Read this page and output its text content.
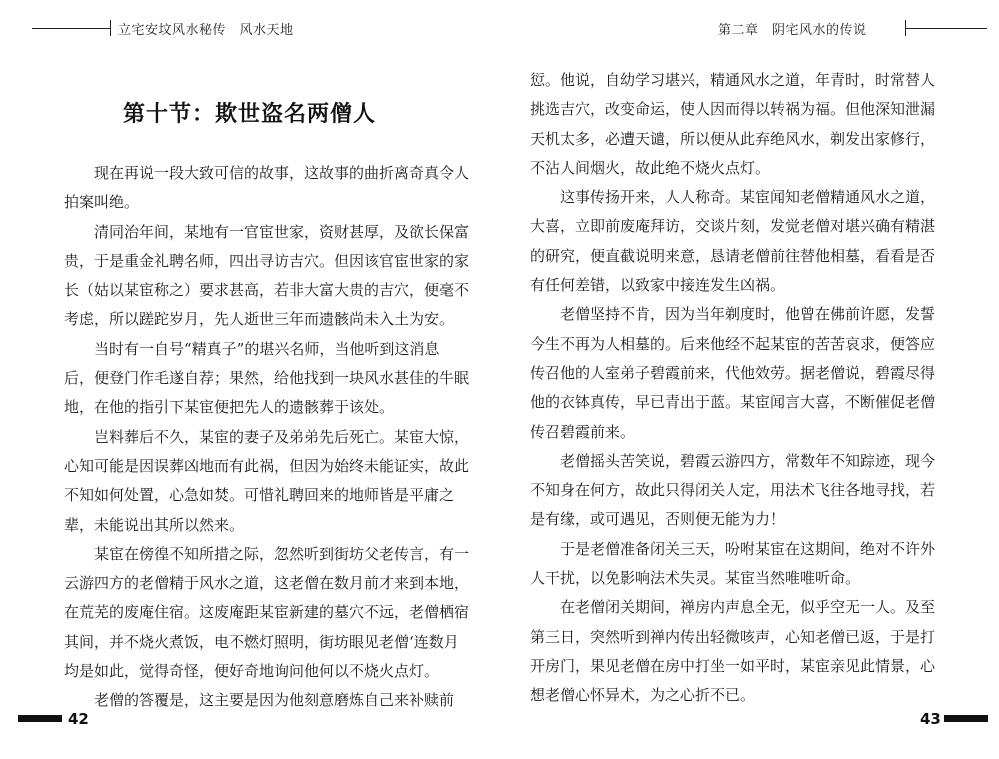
立宅安坟风水秘传　风水天地
第十节：欺世盗名两僧人

现在再说一段大致可信的故事，这故事的曲折离奇真令人

拍案叫绝。

清同治年间，某地有一官宦世家，资财甚厚，及欲长保富

贵，于是重金礼聘名师，四出寻访吉穴。但因该官宦世家的家

长（姑以某宦称之）要求甚高，若非大富大贵的吉穴，便毫不

考虑，所以蹉跎岁月，先人逝世三年而遗骸尚未入土为安。

当时有一自号“精真子”的堪兴名师，当他听到这消息

后，便登门作毛遂自荐；果然，给他找到一块风水甚佳的牛眠

地，在他的指引下某宦便把先人的遗骸葬于该处。

岂料葬后不久，某宦的妻子及弟弟先后死亡。某宦大惊，

心知可能是因误葬凶地而有此祸，但因为始终未能证实，故此

不知如何处置，心急如焚。可惜礼聘回来的地师皆是平庸之

辈，未能说出其所以然来。

某宦在傍徨不知所措之际，忽然听到街坊父老传言，有一

云游四方的老僧精于风水之道，这老僧在数月前才来到本地，

在荒芜的废庵住宿。这废庵距某宦新建的墓穴不远，老僧栖宿

其间，并不烧火煮饭，电不燃灯照明，街坊眼见老僧‘连数月

均是如此，觉得奇怪，便好奇地询问他何以不烧火点灯。

老僧的答覆是，这主要是因为他刻意磨炼自己来补赎前

42
第二章　阴宅风水的传说

愆。他说，自幼学习堪兴，精通风水之道，年青时，时常替人

挑选吉穴，改变命运，使人因而得以转祸为福。但他深知泄漏

天机太多，必遭天谴，所以便从此弃绝风水，剃发出家修行，

不沾人间烟火，故此绝不烧火点灯。

这事传扬开来，人人称奇。某宦闻知老僧精通风水之道，

大喜，立即前废庵拜访，交谈片刻，发觉老僧对堪兴确有精湛

的研究，便直截说明来意，恳请老僧前往替他相墓，看看是否

有任何差错，以致家中接连发生凶祸。

老僧坚持不肯，因为当年剃度时，他曾在佛前许愿，发誓

今生不再为人相墓的。后来他经不起某宦的苦苦哀求，便答应

传召他的人室弟子碧霞前来，代他效劳。据老僧说，碧霞尽得

他的衣钵真传，早已青出于蓝。某宦闻言大喜，不断催促老僧

传召碧霞前来。

老僧摇头苦笑说，碧霞云游四方，常数年不知踪迹，现今

不知身在何方，故此只得闭关人定，用法术飞往各地寻找，若

是有缘，或可遇见，否则便无能为力！

于是老僧准备闭关三天，吩咐某宦在这期间，绝对不许外

人干扰，以免影响法术失灵。某宦当然唯唯听命。

在老僧闭关期间，禅房内声息全无，似乎空无一人。及至

第三日，突然听到禅内传出轻微咳声，心知老僧已返，于是打

开房门，果见老僧在房中打坐一如平时，某宦亲见此情景，心

想老僧心怀异术，为之心折不已。

43
